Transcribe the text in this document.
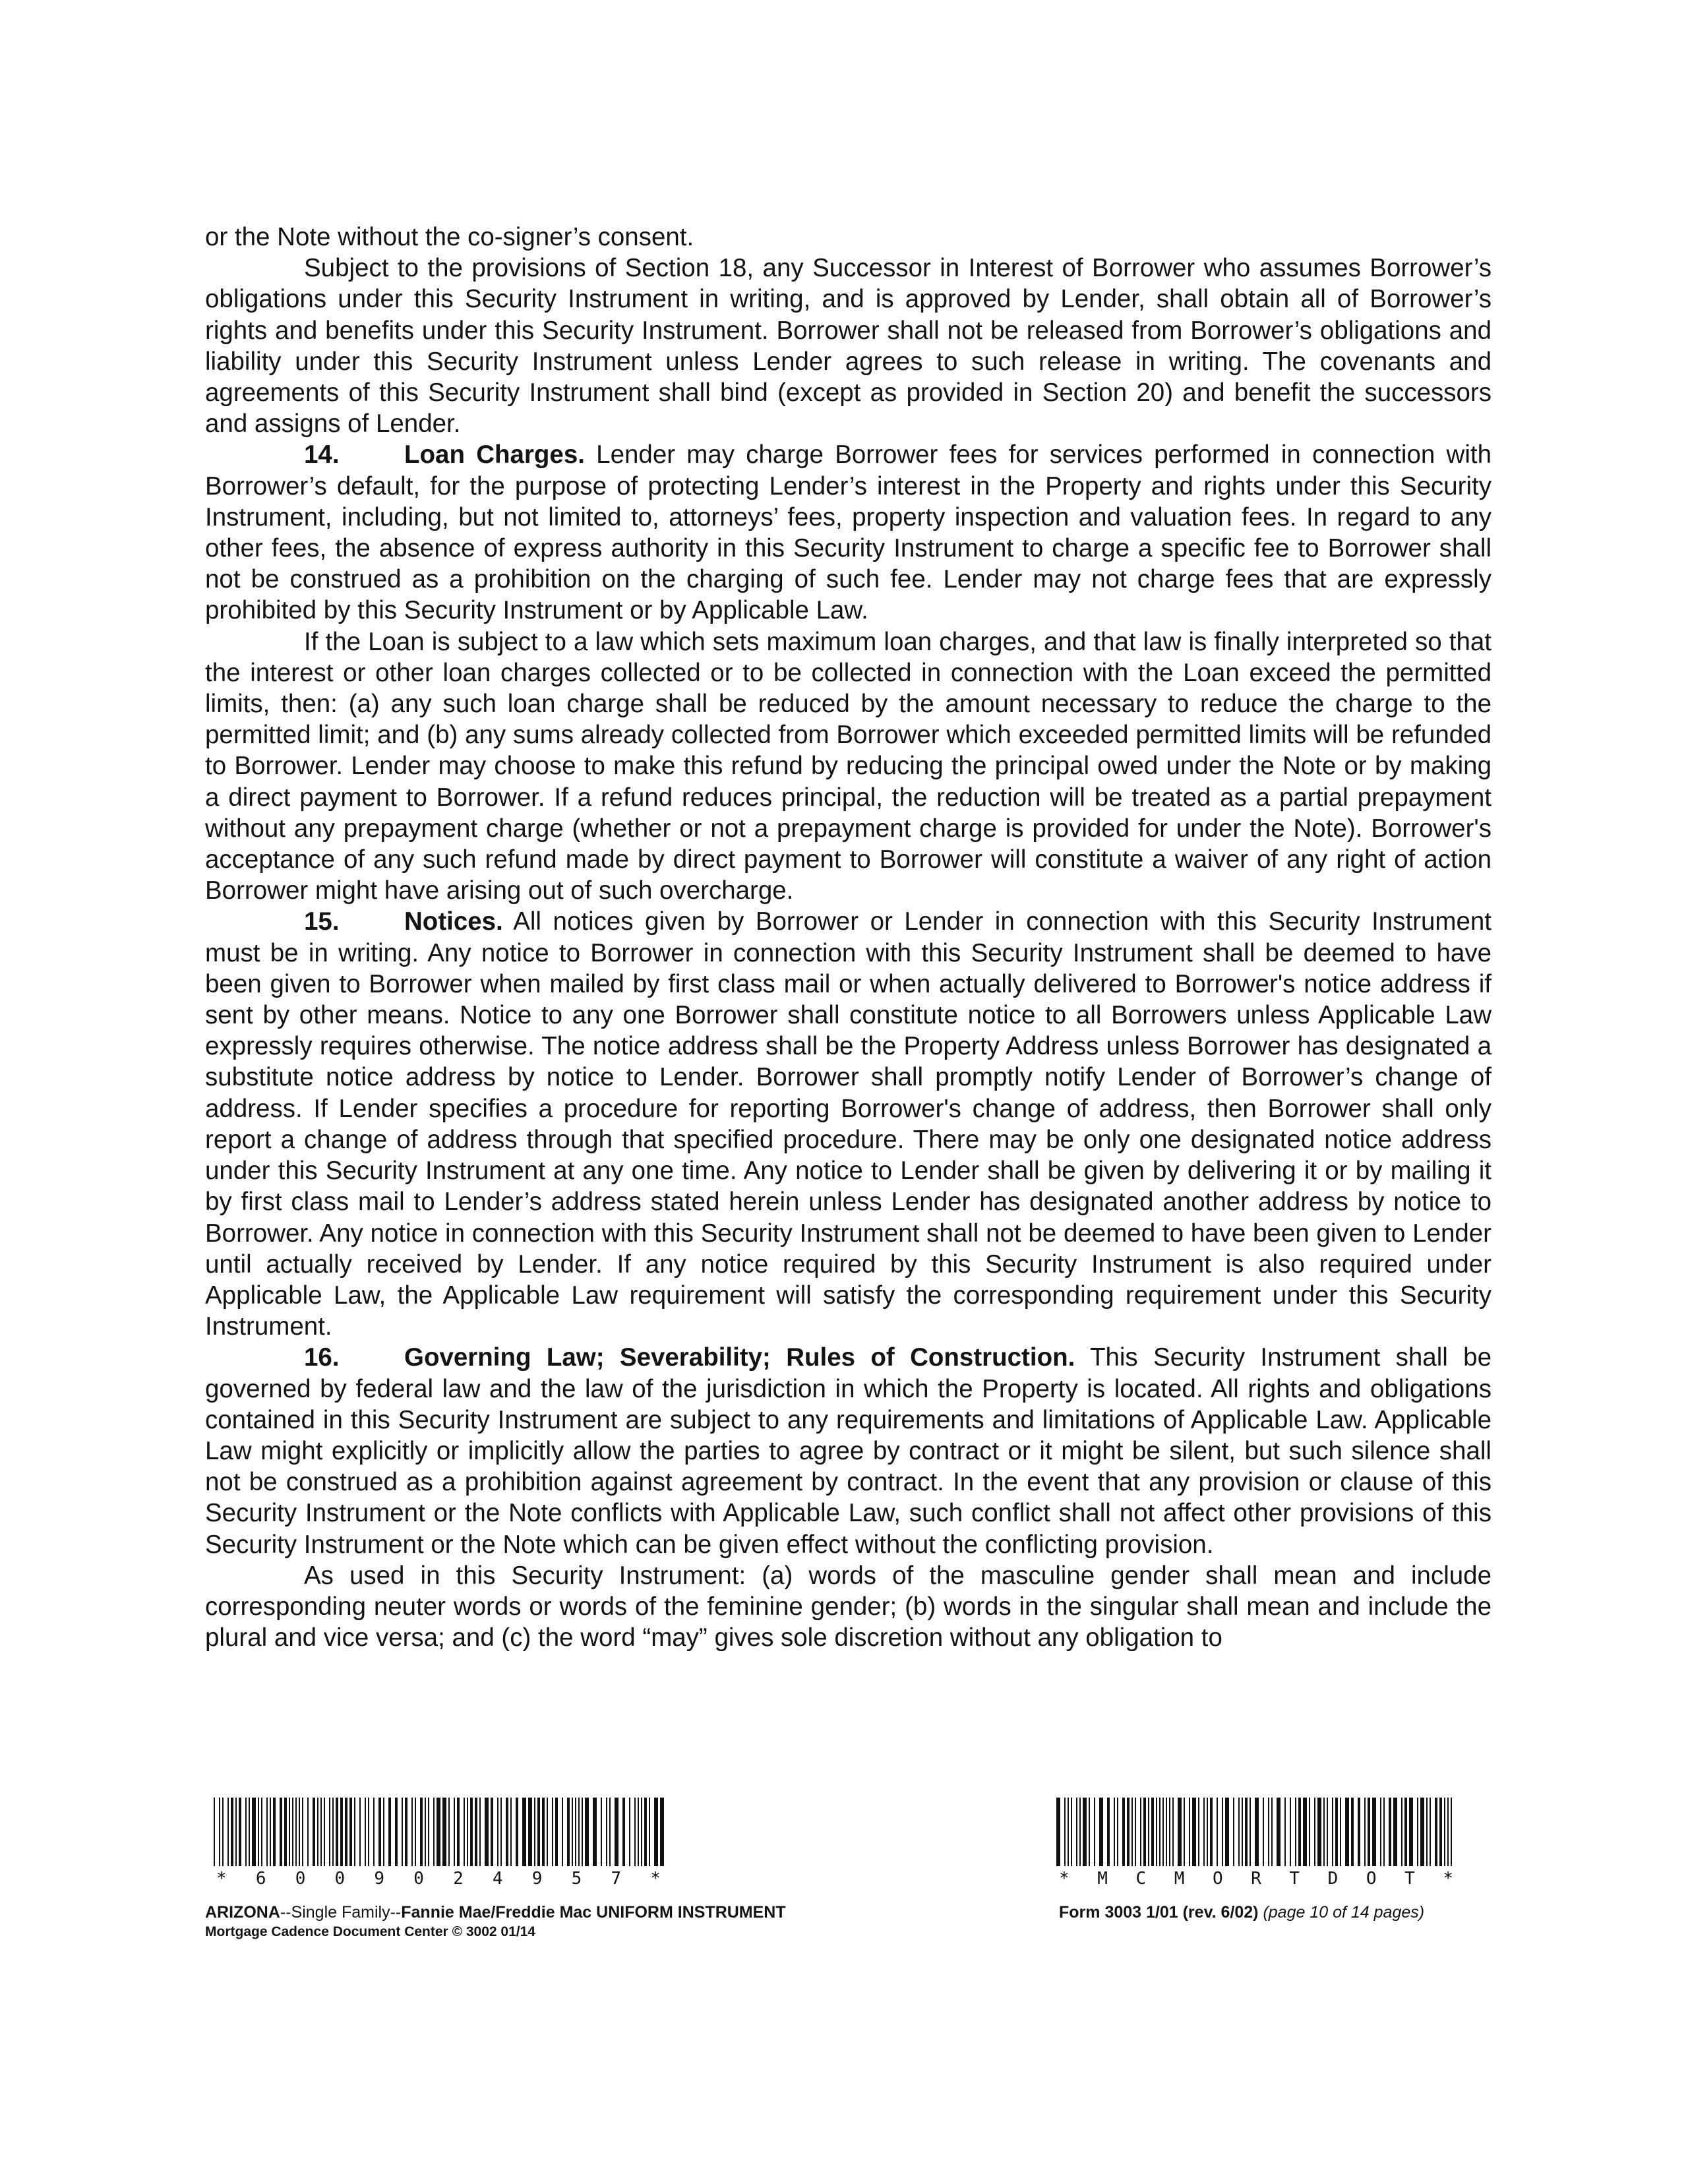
or the Note without the co-signer’s consent.

Subject to the provisions of Section 18, any Successor in Interest of Borrower who assumes Borrower’s obligations under this Security Instrument in writing, and is approved by Lender, shall obtain all of Borrower’s rights and benefits under this Security Instrument. Borrower shall not be released from Borrower’s obligations and liability under this Security Instrument unless Lender agrees to such release in writing. The covenants and agreements of this Security Instrument shall bind (except as provided in Section 20) and benefit the successors and assigns of Lender.

14.	Loan Charges. Lender may charge Borrower fees for services performed in connection with Borrower’s default, for the purpose of protecting Lender’s interest in the Property and rights under this Security Instrument, including, but not limited to, attorneys’ fees, property inspection and valuation fees. In regard to any other fees, the absence of express authority in this Security Instrument to charge a specific fee to Borrower shall not be construed as a prohibition on the charging of such fee. Lender may not charge fees that are expressly prohibited by this Security Instrument or by Applicable Law.

If the Loan is subject to a law which sets maximum loan charges, and that law is finally interpreted so that the interest or other loan charges collected or to be collected in connection with the Loan exceed the permitted limits, then: (a) any such loan charge shall be reduced by the amount necessary to reduce the charge to the permitted limit; and (b) any sums already collected from Borrower which exceeded permitted limits will be refunded to Borrower. Lender may choose to make this refund by reducing the principal owed under the Note or by making a direct payment to Borrower. If a refund reduces principal, the reduction will be treated as a partial prepayment without any prepayment charge (whether or not a prepayment charge is provided for under the Note). Borrower's acceptance of any such refund made by direct payment to Borrower will constitute a waiver of any right of action Borrower might have arising out of such overcharge.

15.	Notices. All notices given by Borrower or Lender in connection with this Security Instrument must be in writing. Any notice to Borrower in connection with this Security Instrument shall be deemed to have been given to Borrower when mailed by first class mail or when actually delivered to Borrower's notice address if sent by other means. Notice to any one Borrower shall constitute notice to all Borrowers unless Applicable Law expressly requires otherwise. The notice address shall be the Property Address unless Borrower has designated a substitute notice address by notice to Lender. Borrower shall promptly notify Lender of Borrower’s change of address. If Lender specifies a procedure for reporting Borrower's change of address, then Borrower shall only report a change of address through that specified procedure. There may be only one designated notice address under this Security Instrument at any one time. Any notice to Lender shall be given by delivering it or by mailing it by first class mail to Lender’s address stated herein unless Lender has designated another address by notice to Borrower. Any notice in connection with this Security Instrument shall not be deemed to have been given to Lender until actually received by Lender. If any notice required by this Security Instrument is also required under Applicable Law, the Applicable Law requirement will satisfy the corresponding requirement under this Security Instrument.

16.	Governing Law; Severability; Rules of Construction. This Security Instrument shall be governed by federal law and the law of the jurisdiction in which the Property is located. All rights and obligations contained in this Security Instrument are subject to any requirements and limitations of Applicable Law. Applicable Law might explicitly or implicitly allow the parties to agree by contract or it might be silent, but such silence shall not be construed as a prohibition against agreement by contract. In the event that any provision or clause of this Security Instrument or the Note conflicts with Applicable Law, such conflict shall not affect other provisions of this Security Instrument or the Note which can be given effect without the conflicting provision.

As used in this Security Instrument: (a) words of the masculine gender shall mean and include corresponding neuter words or words of the feminine gender; (b) words in the singular shall mean and include the plural and vice versa; and (c) the word “may” gives sole discretion without any obligation to

* 6 0 0 9 0 2 4 9 5 7 *	* M C M O R T D O T *
ARIZONA--Single Family--Fannie Mae/Freddie Mac UNIFORM INSTRUMENT
Mortgage Cadence Document Center © 3002 01/14
Form 3003 1/01 (rev. 6/02) (page 10 of 14 pages)
